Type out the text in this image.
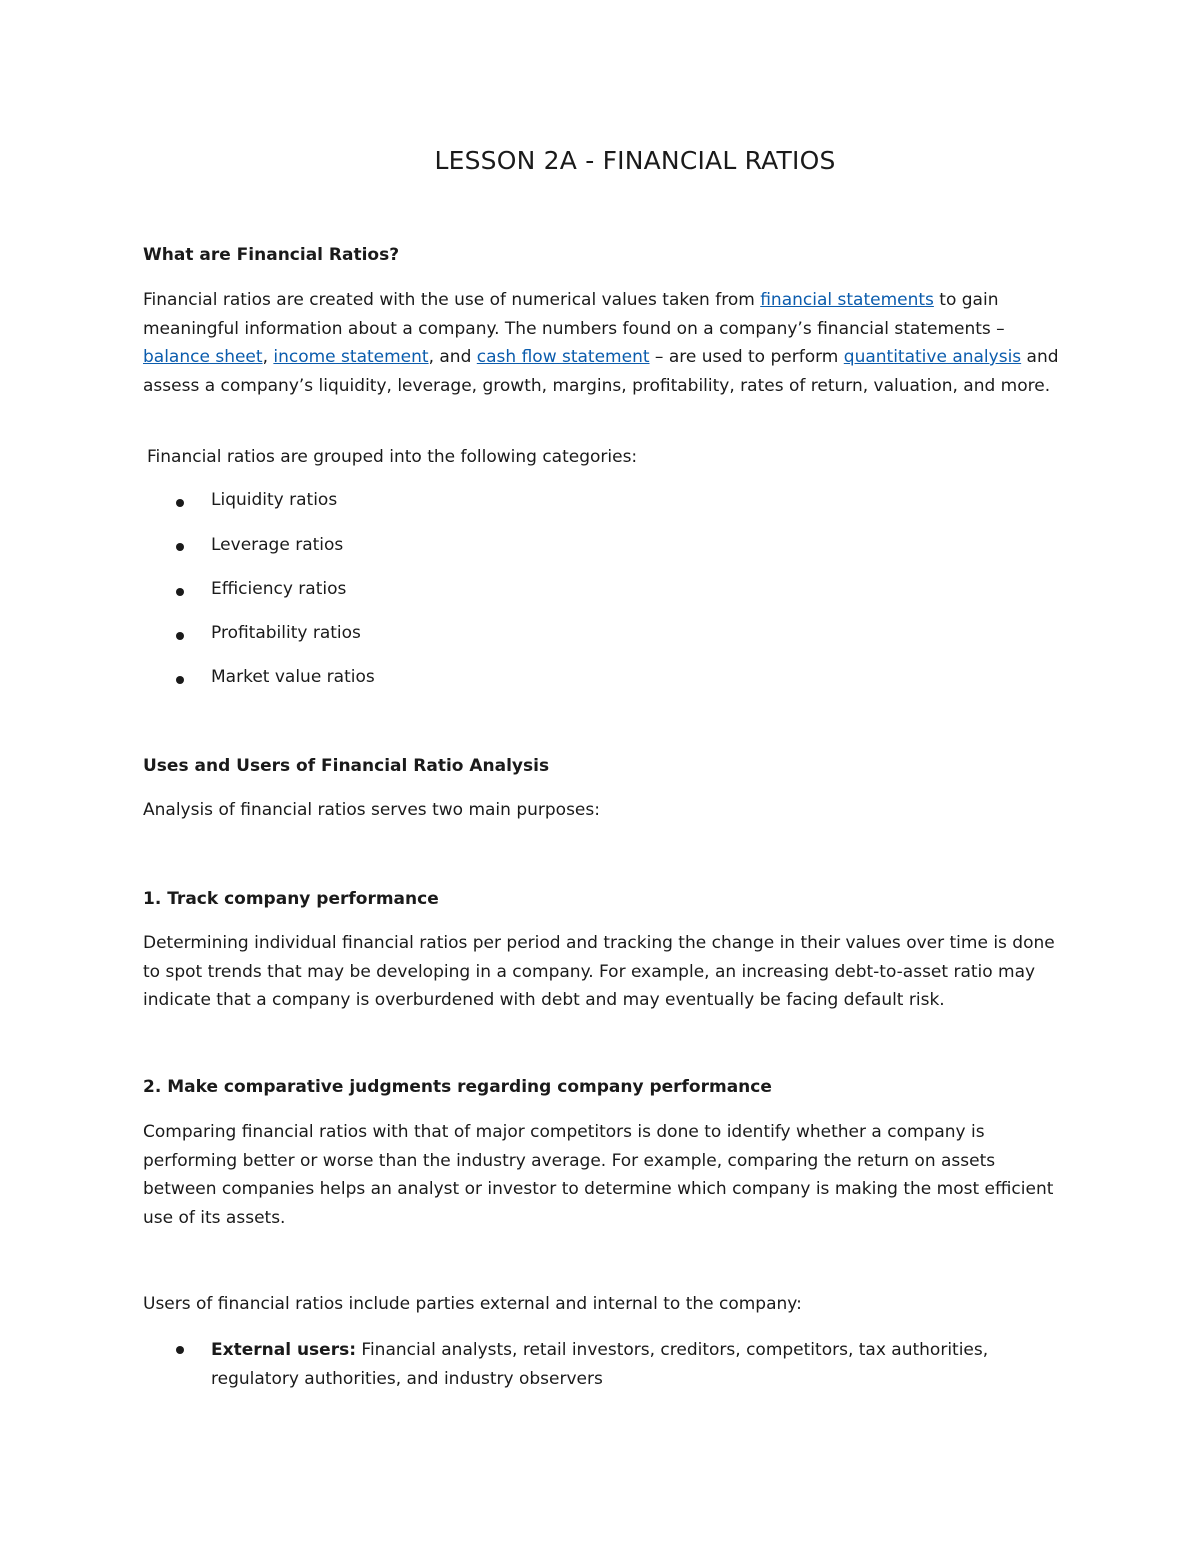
LESSON 2A - FINANCIAL RATIOS
What are Financial Ratios?
Financial ratios are created with the use of numerical values taken from financial statements to gain meaningful information about a company. The numbers found on a company’s financial statements – balance sheet, income statement, and cash flow statement – are used to perform quantitative analysis and assess a company’s liquidity, leverage, growth, margins, profitability, rates of return, valuation, and more.
Financial ratios are grouped into the following categories:
Liquidity ratios
Leverage ratios
Efficiency ratios
Profitability ratios
Market value ratios
Uses and Users of Financial Ratio Analysis
Analysis of financial ratios serves two main purposes:
1. Track company performance
Determining individual financial ratios per period and tracking the change in their values over time is done to spot trends that may be developing in a company. For example, an increasing debt-to-asset ratio may indicate that a company is overburdened with debt and may eventually be facing default risk.
2. Make comparative judgments regarding company performance
Comparing financial ratios with that of major competitors is done to identify whether a company is performing better or worse than the industry average. For example, comparing the return on assets between companies helps an analyst or investor to determine which company is making the most efficient use of its assets.
Users of financial ratios include parties external and internal to the company:
External users: Financial analysts, retail investors, creditors, competitors, tax authorities, regulatory authorities, and industry observers
